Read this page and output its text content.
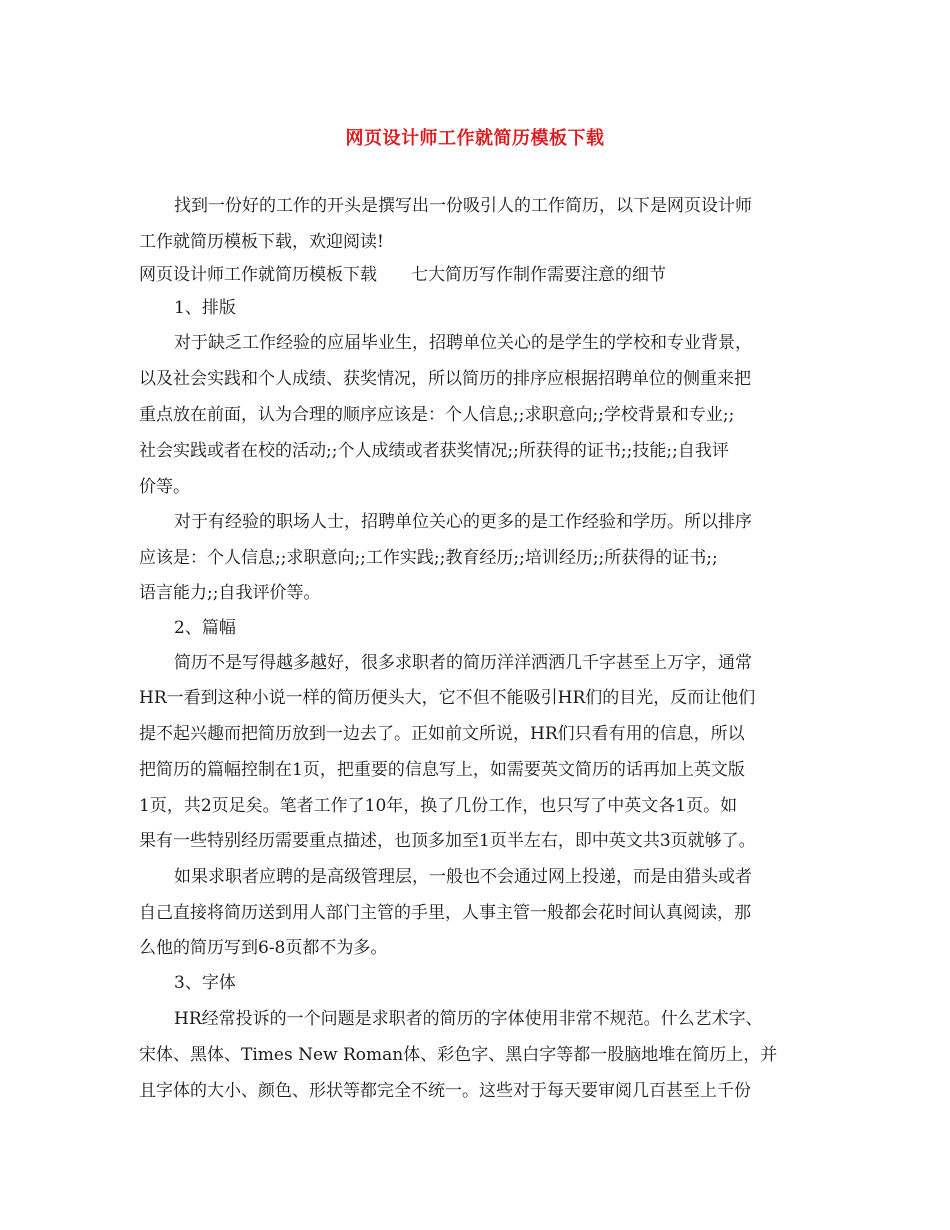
网页设计师工作就简历模板下载
找到一份好的工作的开头是撰写出一份吸引人的工作简历，以下是网页设计师
工作就简历模板下载，欢迎阅读!
网页设计师工作就简历模板下载　　七大简历写作制作需要注意的细节
1、排版
对于缺乏工作经验的应届毕业生，招聘单位关心的是学生的学校和专业背景，
以及社会实践和个人成绩、获奖情况，所以简历的排序应根据招聘单位的侧重来把
重点放在前面，认为合理的顺序应该是：个人信息;;求职意向;;学校背景和专业;;
社会实践或者在校的活动;;个人成绩或者获奖情况;;所获得的证书;;技能;;自我评
价等。
对于有经验的职场人士，招聘单位关心的更多的是工作经验和学历。所以排序
应该是：个人信息;;求职意向;;工作实践;;教育经历;;培训经历;;所获得的证书;;
语言能力;;自我评价等。
2、篇幅
简历不是写得越多越好，很多求职者的简历洋洋洒洒几千字甚至上万字，通常
HR一看到这种小说一样的简历便头大，它不但不能吸引HR们的目光，反而让他们
提不起兴趣而把简历放到一边去了。正如前文所说，HR们只看有用的信息，所以
把简历的篇幅控制在1页，把重要的信息写上，如需要英文简历的话再加上英文版
1页，共2页足矣。笔者工作了10年，换了几份工作，也只写了中英文各1页。如
果有一些特别经历需要重点描述，也顶多加至1页半左右，即中英文共3页就够了。
如果求职者应聘的是高级管理层，一般也不会通过网上投递，而是由猎头或者
自己直接将简历送到用人部门主管的手里，人事主管一般都会花时间认真阅读，那
么他的简历写到6-8页都不为多。
3、字体
HR经常投诉的一个问题是求职者的简历的字体使用非常不规范。什么艺术字、
宋体、黑体、Times New Roman体、彩色字、黑白字等都一股脑地堆在简历上，并
且字体的大小、颜色、形状等都完全不统一。这些对于每天要审阅几百甚至上千份
